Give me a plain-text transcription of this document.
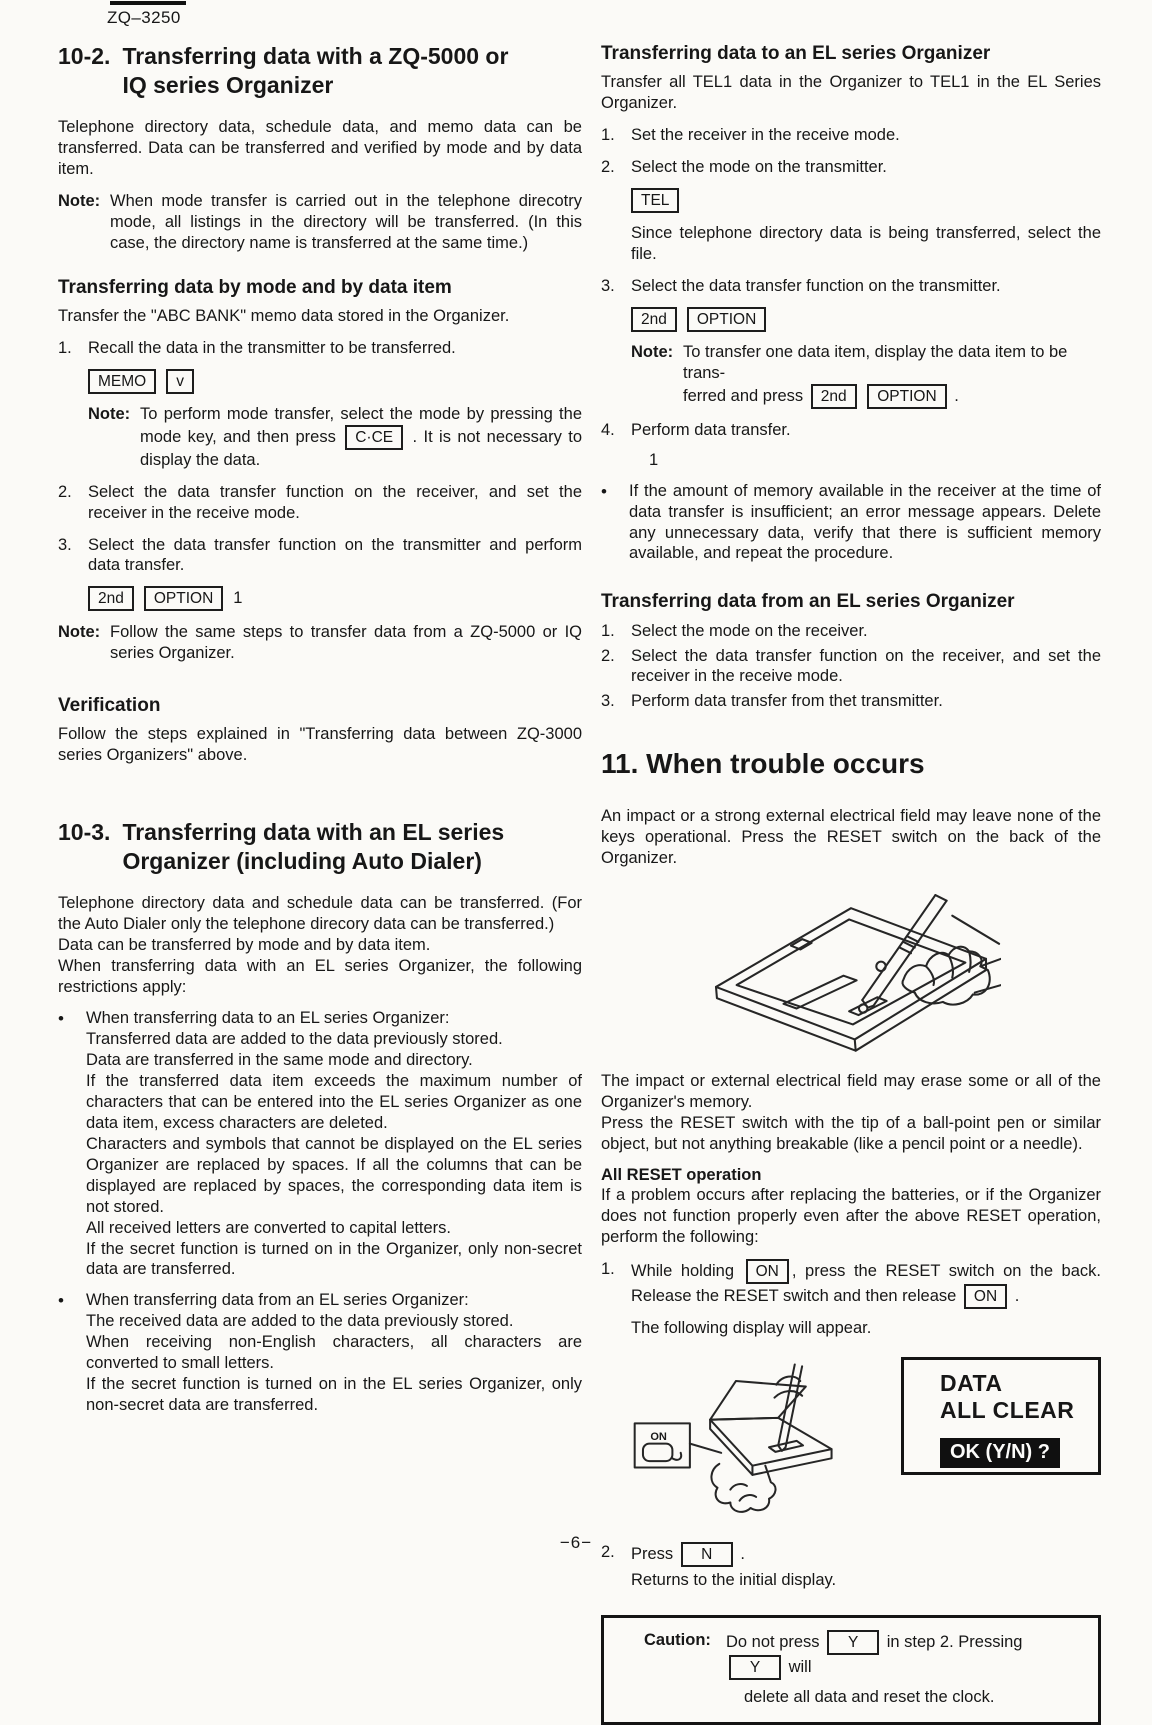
ZQ–3250
10-2. Transferring data with a ZQ-5000 or
IQ series Organizer
Telephone directory data, schedule data, and memo data can be transferred. Data can be transferred and verified by mode and by data item.
Note: When mode transfer is carried out in the telephone direcotry mode, all listings in the directory will be transferred. (In this case, the directory name is transferred at the same time.)
Transferring data by mode and by data item
Transfer the "ABC BANK" memo data stored in the Organizer.
1. Recall the data in the transmitter to be transferred.
MEMO	v
Note: To perform mode transfer, select the mode by pressing the mode key, and then press C·CE . It is not necessary to display the data.
2. Select the data transfer function on the receiver, and set the receiver in the receive mode.
3. Select the data transfer function on the transmitter and perform data transfer.
2nd	OPTION	1
Note: Follow the same steps to transfer data from a ZQ-5000 or IQ series Organizer.
Verification
Follow the steps explained in "Transferring data between ZQ-3000 series Organizers" above.
10-3. Transferring data with an EL series
Organizer (including Auto Dialer)
Telephone directory data and schedule data can be transferred. (For the Auto Dialer only the telephone direcory data can be transferred.)
Data can be transferred by mode and by data item.
When transferring data with an EL series Organizer, the following restrictions apply:
•
When transferring data to an EL series Organizer:
Transferred data are added to the data previously stored.
Data are transferred in the same mode and directory.
If the transferred data item exceeds the maximum number of characters that can be entered into the EL series Organizer as one data item, excess characters are deleted.
Characters and symbols that cannot be displayed on the EL series Organizer are replaced by spaces. If all the columns that can be displayed are replaced by spaces, the corresponding data item is not stored.
All received letters are converted to capital letters.
If the secret function is turned on in the Organizer, only non-secret data are transferred.
•
When transferring data from an EL series Organizer:
The received data are added to the data previously stored.
When receiving non-English characters, all characters are converted to small letters.
If the secret function is turned on in the EL series Organizer, only non-secret data are transferred.
Transferring data to an EL series Organizer
Transfer all TEL1 data in the Organizer to TEL1 in the EL Series Organizer.
1. Set the receiver in the receive mode.
2. Select the mode on the transmitter.
TEL
Since telephone directory data is being transferred, select the file.
3. Select the data transfer function on the transmitter.
2nd	OPTION
Note: To transfer one data item, display the data item to be trans-
ferred and press 2nd OPTION .
4. Perform data transfer.
1
•
If the amount of memory available in the receiver at the time of data transfer is insufficient; an error message appears. Delete any unnecessary data, verify that there is sufficient memory available, and repeat the procedure.
Transferring data from an EL series Organizer
1. Select the mode on the receiver.
2. Select the data transfer function on the receiver, and set the receiver in the receive mode.
3. Perform data transfer from thet transmitter.
11. When trouble occurs
An impact or a strong external electrical field may leave none of the keys operational. Press the RESET switch on the back of the Organizer.
The impact or external electrical field may erase some or all of the Organizer's memory.
Press the RESET switch with the tip of a ball-point pen or similar object, but not anything breakable (like a pencil point or a needle).
All RESET operation
If a problem occurs after replacing the batteries, or if the Organizer does not function properly even after the above RESET operation, perform the following:
1. While holding ON , press the RESET switch on the back. Release the RESET switch and then release ON .
The following display will appear.
ON
DATA
ALL CLEAR
OK (Y/N) ?
2. Press N .
Returns to the initial display.
Caution: Do not press Y in step 2. Pressing Y will
delete all data and reset the clock.
−6−
